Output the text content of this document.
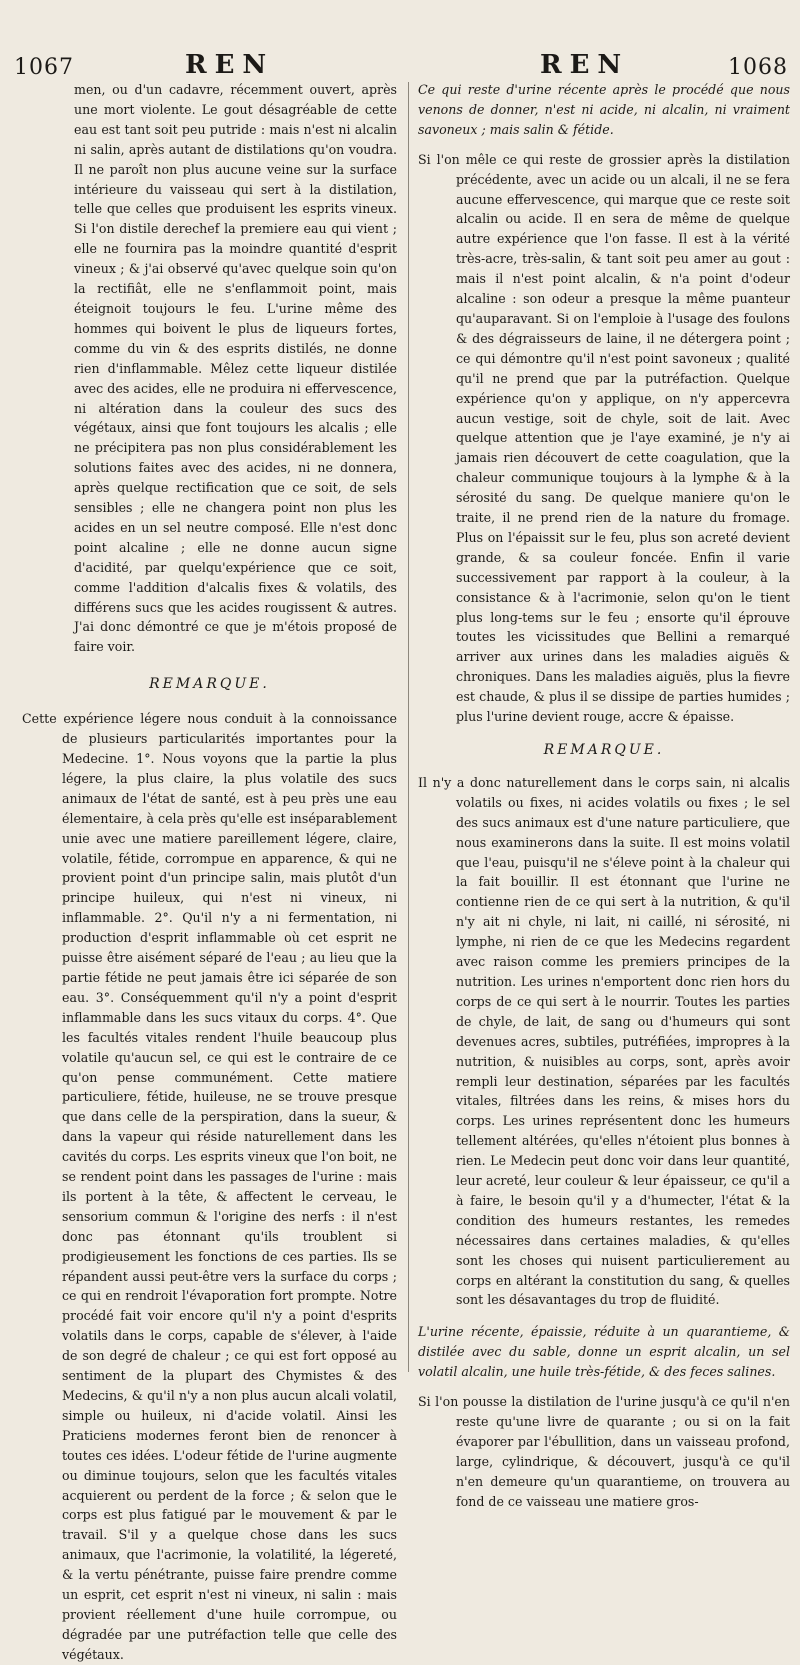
1067	REN	REN	1068

men, ou d'un cadavre, récemment ouvert, après une mort violente. Le gout désagréable de cette eau est tant soit peu putride : mais n'est ni alcalin ni salin, après autant de distilations qu'on voudra. Il ne paroît non plus aucune veine sur la surface intérieure du vaisseau qui sert à la distilation, telle que celles que produisent les esprits vineux. Si l'on distile derechef la premiere eau qui vient ; elle ne fournira pas la moindre quantité d'esprit vineux ; & j'ai observé qu'avec quelque soin qu'on la rectifiât, elle ne s'enflammoit point, mais éteignoit toujours le feu. L'urine même des hommes qui boivent le plus de liqueurs fortes, comme du vin & des esprits distilés, ne donne rien d'inflammable. Mêlez cette liqueur distilée avec des acides, elle ne produira ni effervescence, ni altération dans la couleur des sucs des végétaux, ainsi que font toujours les alcalis ; elle ne précipitera pas non plus considérablement les solutions faites avec des acides, ni ne donnera, après quelque rectification que ce soit, de sels sensibles ; elle ne changera point non plus les acides en un sel neutre composé. Elle n'est donc point alcaline ; elle ne donne aucun signe d'acidité, par quelqu'expérience que ce soit, comme l'addition d'alcalis fixes & volatils, des différens sucs que les acides rougissent & autres. J'ai donc démontré ce que je m'étois proposé de faire voir.

REMARQUE.

Cette expérience légere nous conduit à la connoissance de plusieurs particularités importantes pour la Medecine. 1°. Nous voyons que la partie la plus légere, la plus claire, la plus volatile des sucs animaux de l'état de santé, est à peu près une eau élementaire, à cela près qu'elle est inséparablement unie avec une matiere pareillement légere, claire, volatile, fétide, corrompue en apparence, & qui ne provient point d'un principe salin, mais plutôt d'un principe huileux, qui n'est ni vineux, ni inflammable. 2°. Qu'il n'y a ni fermentation, ni production d'esprit inflammable où cet esprit ne puisse être aisément séparé de l'eau ; au lieu que la partie fétide ne peut jamais être ici séparée de son eau. 3°. Conséquemment qu'il n'y a point d'esprit inflammable dans les sucs vitaux du corps. 4°. Que les facultés vitales rendent l'huile beaucoup plus volatile qu'aucun sel, ce qui est le contraire de ce qu'on pense communément. Cette matiere particuliere, fétide, huileuse, ne se trouve presque que dans celle de la perspiration, dans la sueur, & dans la vapeur qui réside naturellement dans les cavités du corps. Les esprits vineux que l'on boit, ne se rendent point dans les passages de l'urine : mais ils portent à la tête, & affectent le cerveau, le sensorium commun & l'origine des nerfs : il n'est donc pas étonnant qu'ils troublent si prodigieusement les fonctions de ces parties. Ils se répandent aussi peut-être vers la surface du corps ; ce qui en rendroit l'évaporation fort prompte. Notre procédé fait voir encore qu'il n'y a point d'esprits volatils dans le corps, capable de s'élever, à l'aide de son degré de chaleur ; ce qui est fort opposé au sentiment de la plupart des Chymistes & des Medecins, & qu'il n'y a non plus aucun alcali volatil, simple ou huileux, ni d'acide volatil. Ainsi les Praticiens modernes feront bien de renoncer à toutes ces idées. L'odeur fétide de l'urine augmente ou diminue toujours, selon que les facultés vitales acquierent ou perdent de la force ; & selon que le corps est plus fatigué par le mouvement & par le travail. S'il y a quelque chose dans les sucs animaux, que l'acrimonie, la volatilité, la légereté, & la vertu pénétrante, puisse faire prendre comme un esprit, cet esprit n'est ni vineux, ni salin : mais provient réellement d'une huile corrompue, ou dégradée par une putréfaction telle que celle des végétaux.

Ce qui reste d'urine récente après le procédé que nous venons de donner, n'est ni acide, ni alcalin, ni vraiment savoneux ; mais salin & fétide.

Si l'on mêle ce qui reste de grossier après la distilation précédente, avec un acide ou un alcali, il ne se fera aucune effervescence, qui marque que ce reste soit alcalin ou acide. Il en sera de même de quelque autre expérience que l'on fasse. Il est à la vérité très-acre, très-salin, & tant soit peu amer au gout : mais il n'est point alcalin, & n'a point d'odeur alcaline : son odeur a presque la même puanteur qu'auparavant. Si on l'emploie à l'usage des foulons & des dégraisseurs de laine, il ne détergera point ; ce qui démontre qu'il n'est point savoneux ; qualité qu'il ne prend que par la putréfaction. Quelque expérience qu'on y applique, on n'y appercevra aucun vestige, soit de chyle, soit de lait. Avec quelque attention que je l'aye examiné, je n'y ai jamais rien découvert de cette coagulation, que la chaleur communique toujours à la lymphe & à la sérosité du sang. De quelque maniere qu'on le traite, il ne prend rien de la nature du fromage. Plus on l'épaissit sur le feu, plus son acreté devient grande, & sa couleur foncée. Enfin il varie successivement par rapport à la couleur, à la consistance & à l'acrimonie, selon qu'on le tient plus long-tems sur le feu ; ensorte qu'il éprouve toutes les vicissitudes que Bellini a remarqué arriver aux urines dans les maladies aiguës & chroniques. Dans les maladies aiguës, plus la fievre est chaude, & plus il se dissipe de parties humides ; plus l'urine devient rouge, accre & épaisse.

REMARQUE.

Il n'y a donc naturellement dans le corps sain, ni alcalis volatils ou fixes, ni acides volatils ou fixes ; le sel des sucs animaux est d'une nature particuliere, que nous examinerons dans la suite. Il est moins volatil que l'eau, puisqu'il ne s'éleve point à la chaleur qui la fait bouillir. Il est étonnant que l'urine ne contienne rien de ce qui sert à la nutrition, & qu'il n'y ait ni chyle, ni lait, ni caillé, ni sérosité, ni lymphe, ni rien de ce que les Medecins regardent avec raison comme les premiers principes de la nutrition. Les urines n'emportent donc rien hors du corps de ce qui sert à le nourrir. Toutes les parties de chyle, de lait, de sang ou d'humeurs qui sont devenues acres, subtiles, putréfiées, impropres à la nutrition, & nuisibles au corps, sont, après avoir rempli leur destination, séparées par les facultés vitales, filtrées dans les reins, & mises hors du corps. Les urines représentent donc les humeurs tellement altérées, qu'elles n'étoient plus bonnes à rien. Le Medecin peut donc voir dans leur quantité, leur acreté, leur couleur & leur épaisseur, ce qu'il a à faire, le besoin qu'il y a d'humecter, l'état & la condition des humeurs restantes, les remedes nécessaires dans certaines maladies, & qu'elles sont les choses qui nuisent particulierement au corps en altérant la constitution du sang, & quelles sont les désavantages du trop de fluidité.

L'urine récente, épaissie, réduite à un quarantieme, & distilée avec du sable, donne un esprit alcalin, un sel volatil alcalin, une huile très-fétide, & des feces salines.

Si l'on pousse la distilation de l'urine jusqu'à ce qu'il n'en reste qu'une livre de quarante ; ou si on la fait évaporer par l'ébullition, dans un vaisseau profond, large, cylindrique, & découvert, jusqu'à ce qu'il n'en demeure qu'un quarantieme, on trouvera au fond de ce vaisseau une matiere gros-
